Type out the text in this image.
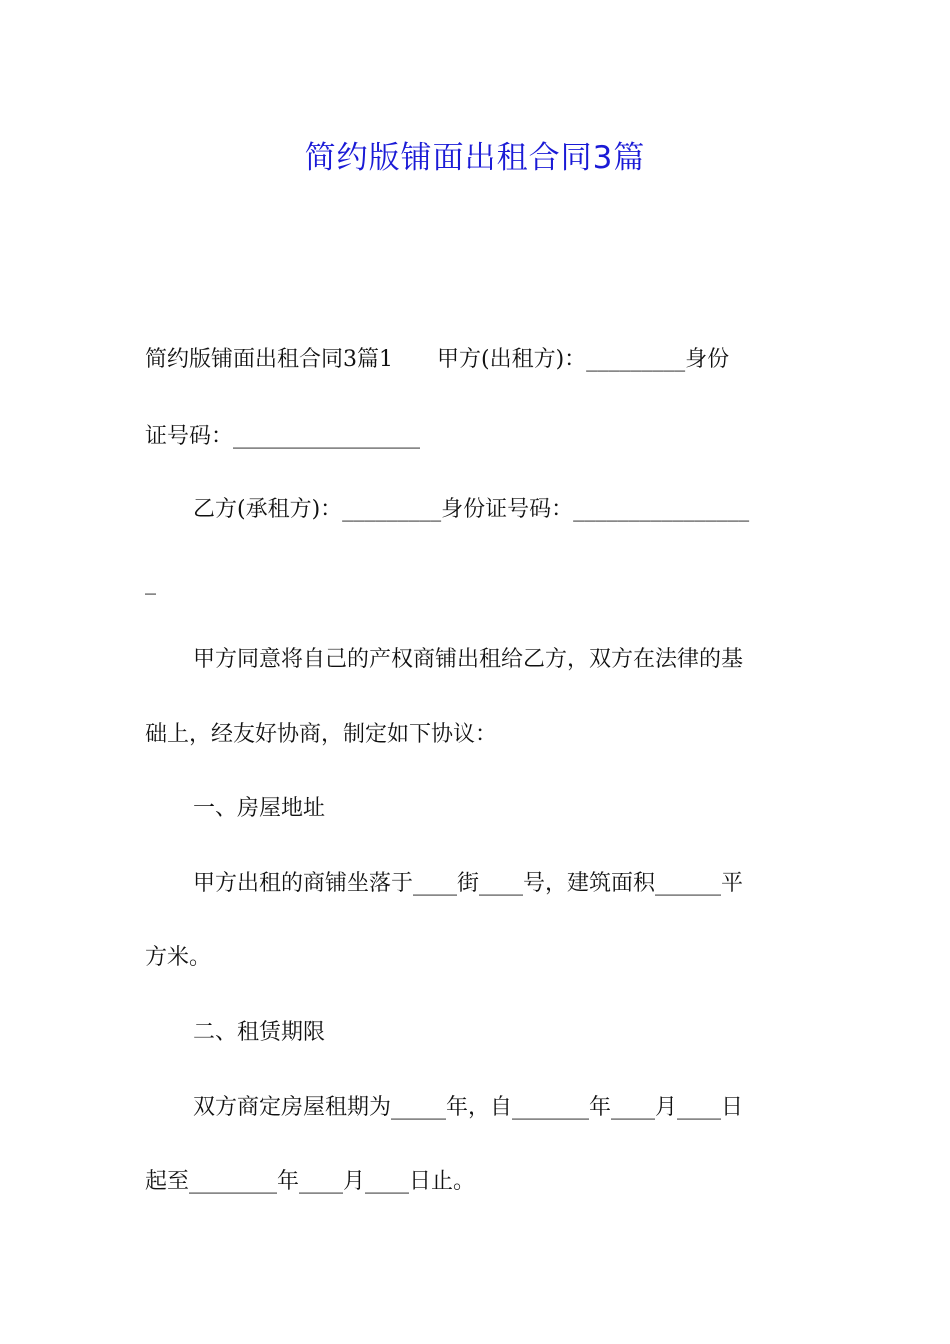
简约版铺面出租合同3篇
简约版铺面出租合同3篇1　　甲方(出租方)：_________身份
证号码：_________________
乙方(承租方)：_________身份证号码：________________
_
甲方同意将自己的产权商铺出租给乙方，双方在法律的基
础上，经友好协商，制定如下协议：
一、房屋地址
甲方出租的商铺坐落于____街____号，建筑面积______平
方米。
二、租赁期限
双方商定房屋租期为_____年，自_______年____月____日
起至________年____月____日止。
